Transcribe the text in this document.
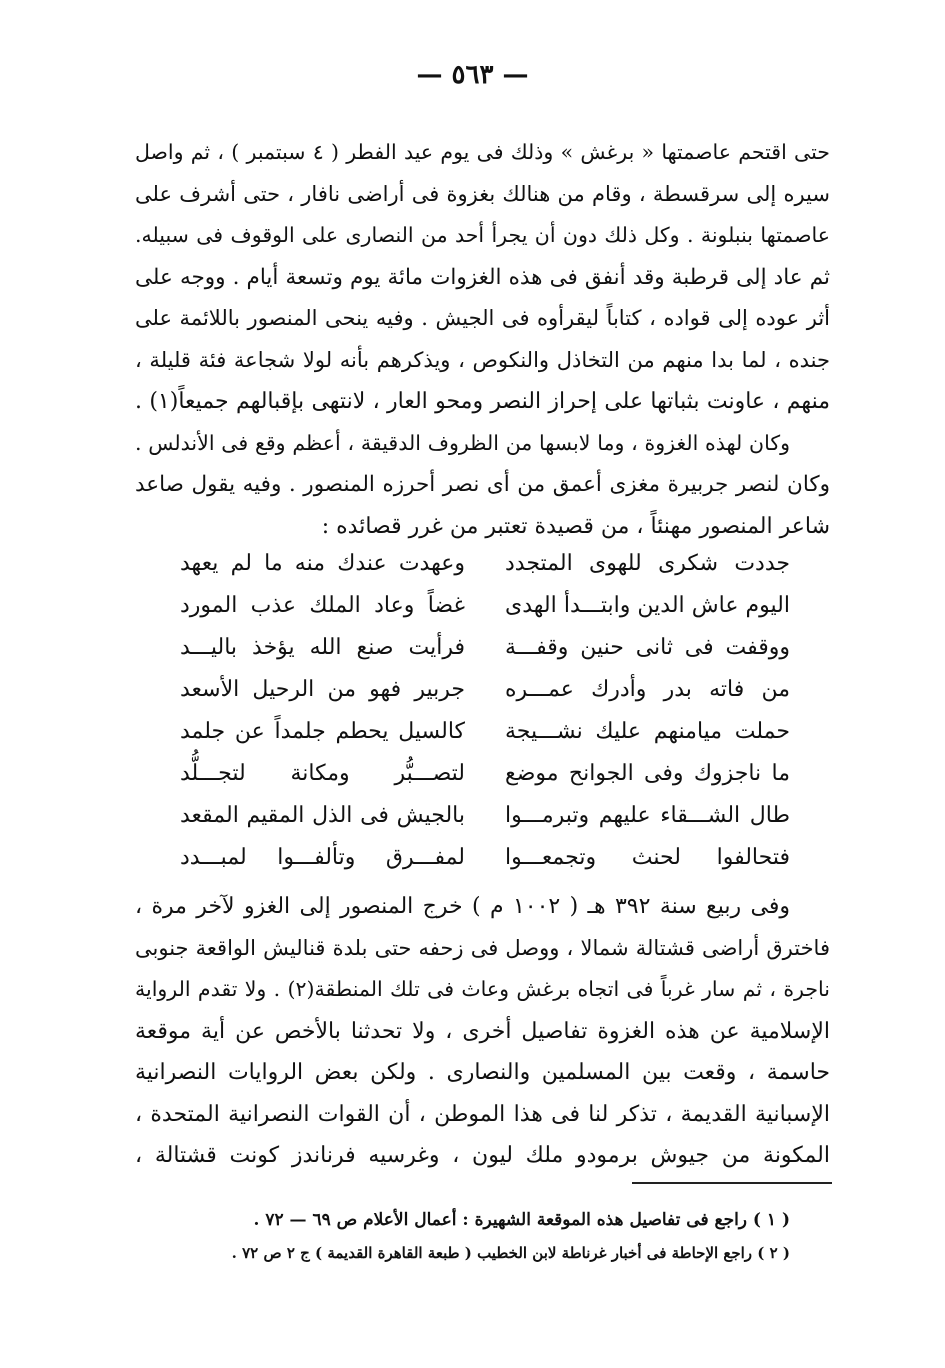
— ٥٦٣ —

حتى اقتحم عاصمتها « برغش » وذلك فى يوم عيد الفطر ( ٤ سبتمبر ) ، ثم واصل

سيره إلى سرقسطة ، وقام من هنالك بغزوة فى أراضى نافار ، حتى أشرف على

عاصمتها بنبلونة . وكل ذلك دون أن يجرأ أحد من النصارى على الوقوف فى سبيله.

ثم عاد إلى قرطبة وقد أنفق فى هذه الغزوات مائة يوم وتسعة أيام . ووجه على

أثر عوده إلى قواده ، كتاباً ليقرأوه فى الجيش . وفيه ينحى المنصور باللائمة على

جنده ، لما بدا منهم من التخاذل والنكوص ، ويذكرهم بأنه لولا شجاعة فئة قليلة ،

منهم ، عاونت بثباتها على إحراز النصر ومحو العار ، لانتهى بإقبالهم جميعاً(١) .

وكان لهذه الغزوة ، وما لابسها من الظروف الدقيقة ، أعظم وقع فى الأندلس .

وكان لنصر جربيرة مغزى أعمق من أى نصر أحرزه المنصور . وفيه يقول صاعد

شاعر المنصور مهنئاً ، من قصيدة تعتبر من غرر قصائده :

جددت شكرى للهوى المتجدد
وعهدت عندك منه ما لم يعهد
اليوم عاش الدين وابتـــدأ الهدى
غضاً وعاد الملك عذب المورد
ووقفت فى ثانى حنين وقفـــة
فرأيت صنع الله يؤخذ باليـــد
من فاته بدر وأدرك عمـــره
جربير فهو من الرحيل الأسعد
حملت ميامنهم عليك نشـــيجة
كالسيل يحطم جلمداً عن جلمد
ما ناجزوك وفى الجوانح موضع
لتصـــبُّر ومكانة لتجـــلُّد
طال الشـــقاء عليهم وتبرمـــوا
بالجيش فى الذل المقيم المقعد
فتحالفوا لحنث وتجمعـــوا
لمفـــرق وتألفـــوا لمبـــدد

وفى ربيع سنة ٣٩٢ هـ ( ١٠٠٢ م ) خرج المنصور إلى الغزو لآخر مرة ،

فاخترق أراضى قشتالة شمالا ، ووصل فى زحفه حتى بلدة قناليش الواقعة جنوبى

ناجرة ، ثم سار غرباً فى اتجاه برغش وعاث فى تلك المنطقة(٢) . ولا تقدم الرواية

الإسلامية عن هذه الغزوة تفاصيل أخرى ، ولا تحدثنا بالأخص عن أية موقعة

حاسمة ، وقعت بين المسلمين والنصارى . ولكن بعض الروايات النصرانية

الإسبانية القديمة ، تذكر لنا فى هذا الموطن ، أن القوات النصرانية المتحدة ،

المكونة من جيوش برمودو ملك ليون ، وغرسيه فرناندز كونت قشتالة ،

( ١ ) راجع فى تفاصيل هذه الموقعة الشهيرة : أعمال الأعلام ص ٦٩ — ٧٢ .

( ٢ ) راجع الإحاطة فى أخبار غرناطة لابن الخطيب ( طبعة القاهرة القديمة ) ج ٢ ص ٧٢ .
